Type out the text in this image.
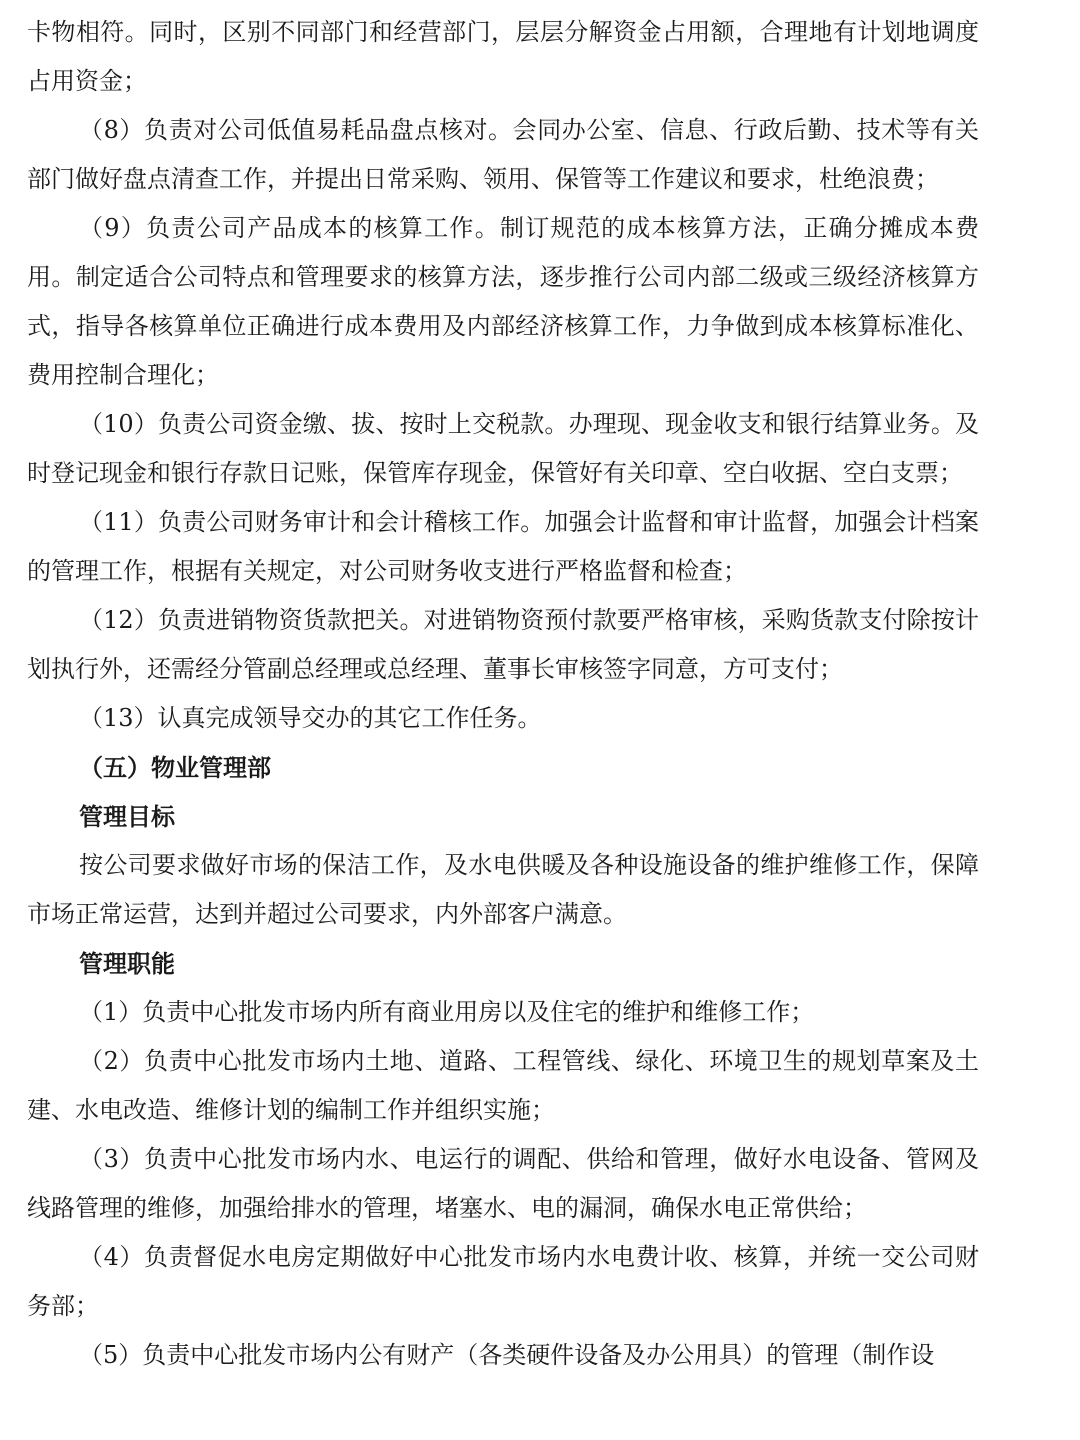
卡物相符。同时，区别不同部门和经营部门，层层分解资金占用额，合理地有计划地调度占用资金；

（8）负责对公司低值易耗品盘点核对。会同办公室、信息、行政后勤、技术等有关部门做好盘点清查工作，并提出日常采购、领用、保管等工作建议和要求，杜绝浪费；

（9）负责公司产品成本的核算工作。制订规范的成本核算方法，正确分摊成本费用。制定适合公司特点和管理要求的核算方法，逐步推行公司内部二级或三级经济核算方式，指导各核算单位正确进行成本费用及内部经济核算工作，力争做到成本核算标准化、费用控制合理化；

（10）负责公司资金缴、拔、按时上交税款。办理现、现金收支和银行结算业务。及时登记现金和银行存款日记账，保管库存现金，保管好有关印章、空白收据、空白支票；

（11）负责公司财务审计和会计稽核工作。加强会计监督和审计监督，加强会计档案的管理工作，根据有关规定，对公司财务收支进行严格监督和检查；

（12）负责进销物资货款把关。对进销物资预付款要严格审核，采购货款支付除按计划执行外，还需经分管副总经理或总经理、董事长审核签字同意，方可支付；

（13）认真完成领导交办的其它工作任务。

（五）物业管理部

管理目标

按公司要求做好市场的保洁工作，及水电供暖及各种设施设备的维护维修工作，保障市场正常运营，达到并超过公司要求，内外部客户满意。

管理职能

（1）负责中心批发市场内所有商业用房以及住宅的维护和维修工作；

（2）负责中心批发市场内土地、道路、工程管线、绿化、环境卫生的规划草案及土建、水电改造、维修计划的编制工作并组织实施；

（3）负责中心批发市场内水、电运行的调配、供给和管理，做好水电设备、管网及线路管理的维修，加强给排水的管理，堵塞水、电的漏洞，确保水电正常供给；

（4）负责督促水电房定期做好中心批发市场内水电费计收、核算，并统一交公司财务部；

（5）负责中心批发市场内公有财产（各类硬件设备及办公用具）的管理（制作设
